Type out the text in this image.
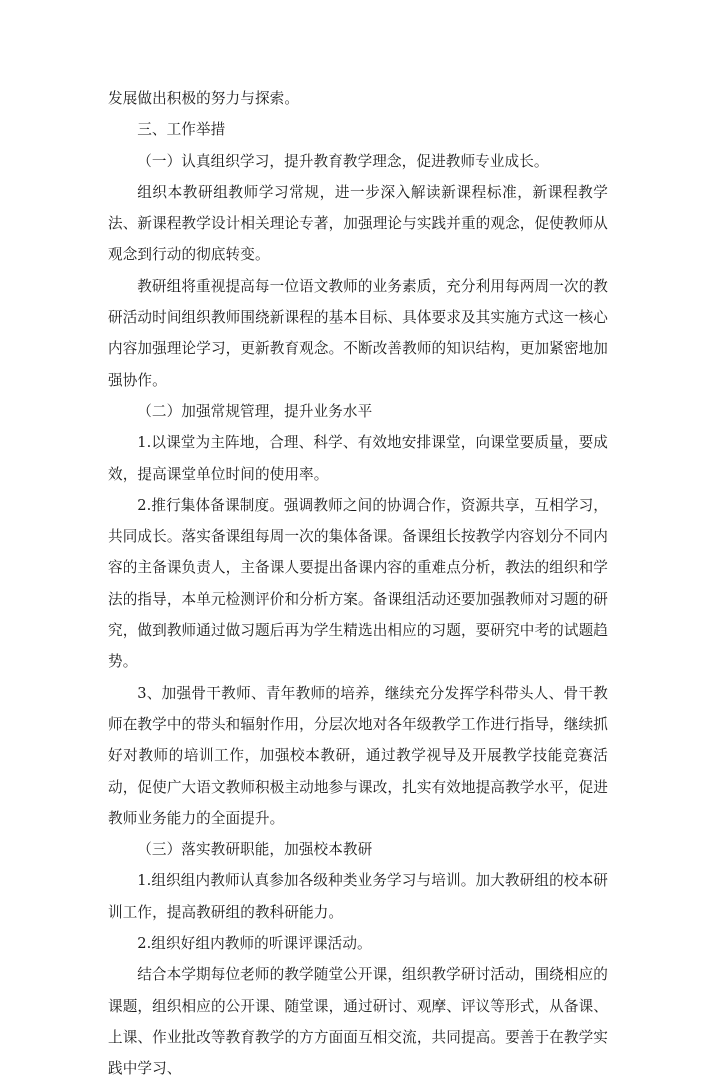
发展做出积极的努力与探索。

三、工作举措

（一）认真组织学习，提升教育教学理念，促进教师专业成长。

组织本教研组教师学习常规，进一步深入解读新课程标准，新课程教学法、新课程教学设计相关理论专著，加强理论与实践并重的观念，促使教师从观念到行动的彻底转变。

教研组将重视提高每一位语文教师的业务素质，充分利用每两周一次的教研活动时间组织教师围绕新课程的基本目标、具体要求及其实施方式这一核心内容加强理论学习，更新教育观念。不断改善教师的知识结构，更加紧密地加强协作。

（二）加强常规管理，提升业务水平

1.以课堂为主阵地，合理、科学、有效地安排课堂，向课堂要质量，要成效，提高课堂单位时间的使用率。

2.推行集体备课制度。强调教师之间的协调合作，资源共享，互相学习，共同成长。落实备课组每周一次的集体备课。备课组长按教学内容划分不同内容的主备课负责人，主备课人要提出备课内容的重难点分析，教法的组织和学法的指导，本单元检测评价和分析方案。备课组活动还要加强教师对习题的研究，做到教师通过做习题后再为学生精选出相应的习题，要研究中考的试题趋势。

3、加强骨干教师、青年教师的培养，继续充分发挥学科带头人、骨干教师在教学中的带头和辐射作用，分层次地对各年级教学工作进行指导，继续抓好对教师的培训工作，加强校本教研，通过教学视导及开展教学技能竞赛活动，促使广大语文教师积极主动地参与课改，扎实有效地提高教学水平，促进教师业务能力的全面提升。

（三）落实教研职能，加强校本教研

1.组织组内教师认真参加各级种类业务学习与培训。加大教研组的校本研训工作，提高教研组的教科研能力。

2.组织好组内教师的听课评课活动。

结合本学期每位老师的教学随堂公开课，组织教学研讨活动，围绕相应的课题，组织相应的公开课、随堂课，通过研讨、观摩、评议等形式，从备课、上课、作业批改等教育教学的方方面面互相交流，共同提高。要善于在教学实践中学习、
